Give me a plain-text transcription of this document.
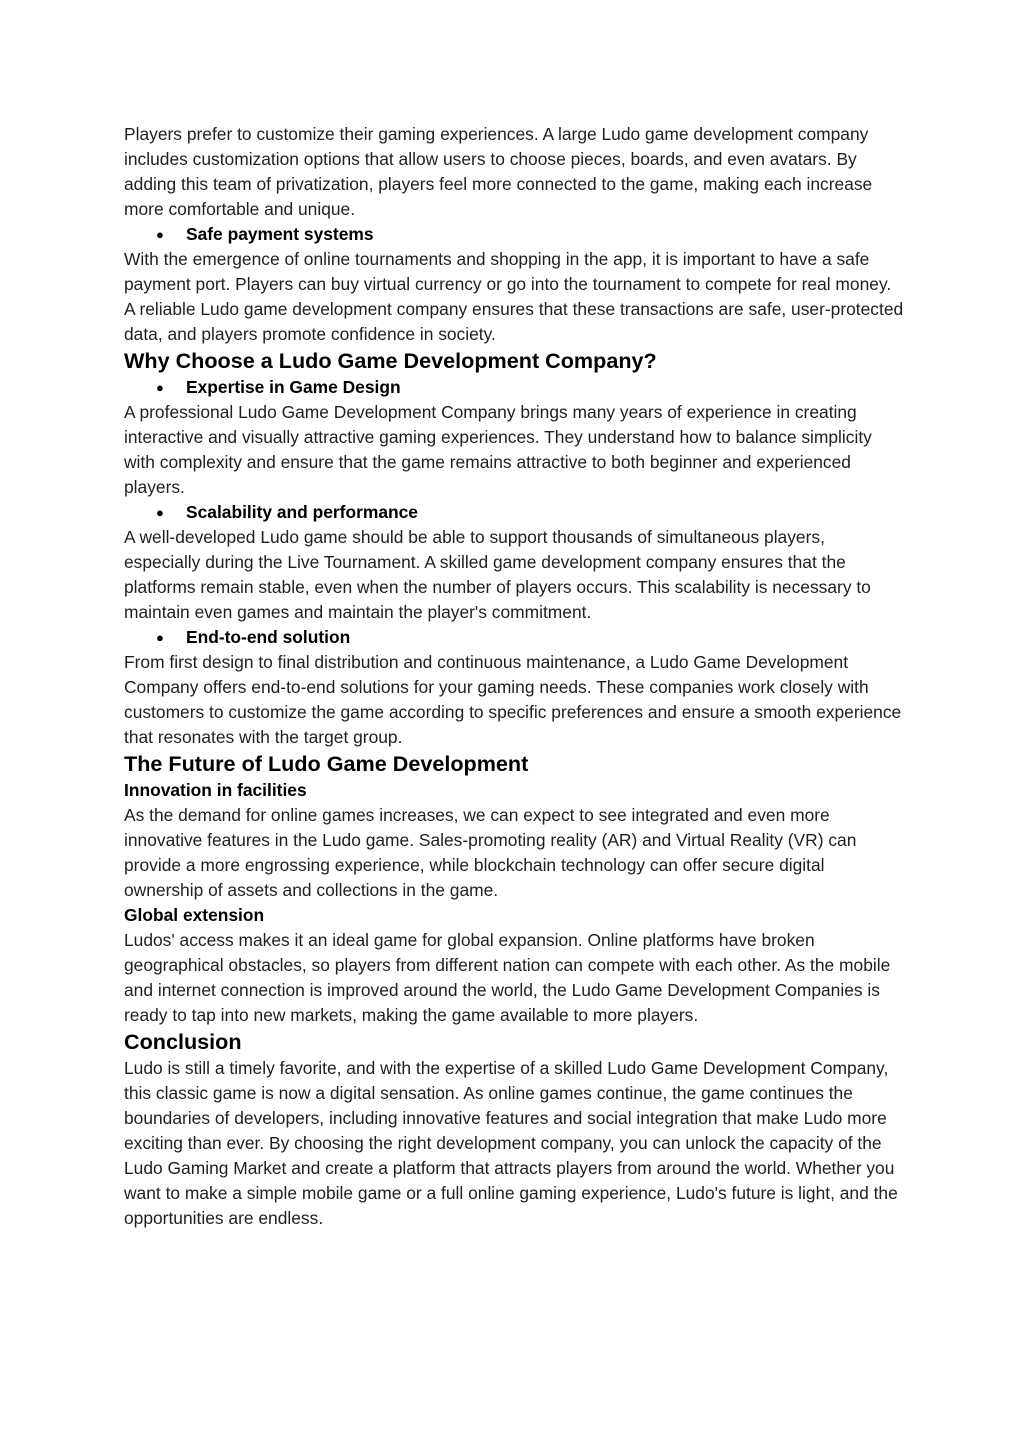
Players prefer to customize their gaming experiences. A large Ludo game development company includes customization options that allow users to choose pieces, boards, and even avatars. By adding this team of privatization, players feel more connected to the game, making each increase more comfortable and unique.

● Safe payment systems

With the emergence of online tournaments and shopping in the app, it is important to have a safe payment port. Players can buy virtual currency or go into the tournament to compete for real money. A reliable Ludo game development company ensures that these transactions are safe, user-protected data, and players promote confidence in society.

Why Choose a Ludo Game Development Company?
● Expertise in Game Design

A professional Ludo Game Development Company brings many years of experience in creating interactive and visually attractive gaming experiences. They understand how to balance simplicity with complexity and ensure that the game remains attractive to both beginner and experienced players.

● Scalability and performance

A well-developed Ludo game should be able to support thousands of simultaneous players, especially during the Live Tournament. A skilled game development company ensures that the platforms remain stable, even when the number of players occurs. This scalability is necessary to maintain even games and maintain the player's commitment.

● End-to-end solution

From first design to final distribution and continuous maintenance, a Ludo Game Development Company offers end-to-end solutions for your gaming needs. These companies work closely with customers to customize the game according to specific preferences and ensure a smooth experience that resonates with the target group.

The Future of Ludo Game Development
Innovation in facilities

As the demand for online games increases, we can expect to see integrated and even more innovative features in the Ludo game. Sales-promoting reality (AR) and Virtual Reality (VR) can provide a more engrossing experience, while blockchain technology can offer secure digital ownership of assets and collections in the game.

Global extension

Ludos' access makes it an ideal game for global expansion. Online platforms have broken geographical obstacles, so players from different nation can compete with each other. As the mobile and internet connection is improved around the world, the Ludo Game Development Companies is ready to tap into new markets, making the game available to more players.

Conclusion

Ludo is still a timely favorite, and with the expertise of a skilled Ludo Game Development Company, this classic game is now a digital sensation. As online games continue, the game continues the boundaries of developers, including innovative features and social integration that make Ludo more exciting than ever. By choosing the right development company, you can unlock the capacity of the Ludo Gaming Market and create a platform that attracts players from around the world. Whether you want to make a simple mobile game or a full online gaming experience, Ludo's future is light, and the opportunities are endless.
